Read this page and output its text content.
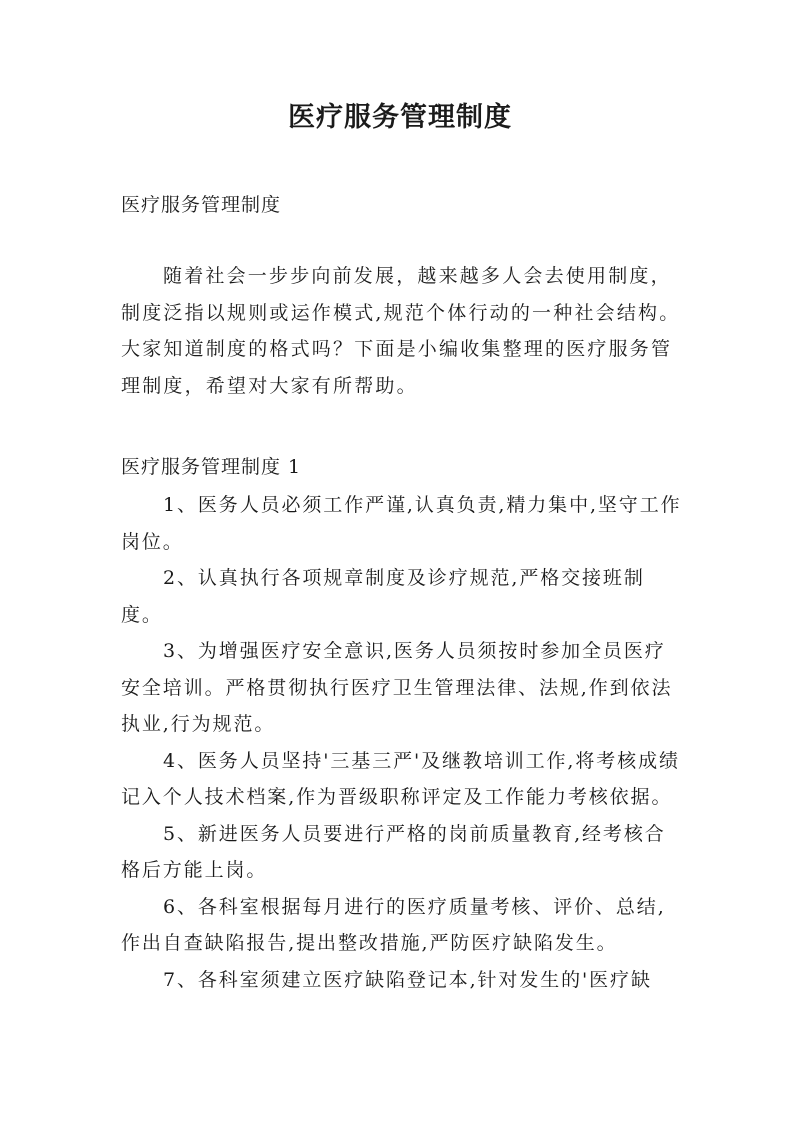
医疗服务管理制度
医疗服务管理制度

随着社会一步步向前发展，越来越多人会去使用制度，制度泛指以规则或运作模式,规范个体行动的一种社会结构。大家知道制度的格式吗？下面是小编收集整理的医疗服务管理制度，希望对大家有所帮助。

医疗服务管理制度 1

1、医务人员必须工作严谨,认真负责,精力集中,坚守工作岗位。

2、认真执行各项规章制度及诊疗规范,严格交接班制度。

3、为增强医疗安全意识,医务人员须按时参加全员医疗安全培训。严格贯彻执行医疗卫生管理法律、法规,作到依法执业,行为规范。

4、医务人员坚持'三基三严'及继教培训工作,将考核成绩记入个人技术档案,作为晋级职称评定及工作能力考核依据。

5、新进医务人员要进行严格的岗前质量教育,经考核合格后方能上岗。

6、各科室根据每月进行的医疗质量考核、评价、总结,作出自查缺陷报告,提出整改措施,严防医疗缺陷发生。

7、各科室须建立医疗缺陷登记本,针对发生的'医疗缺
